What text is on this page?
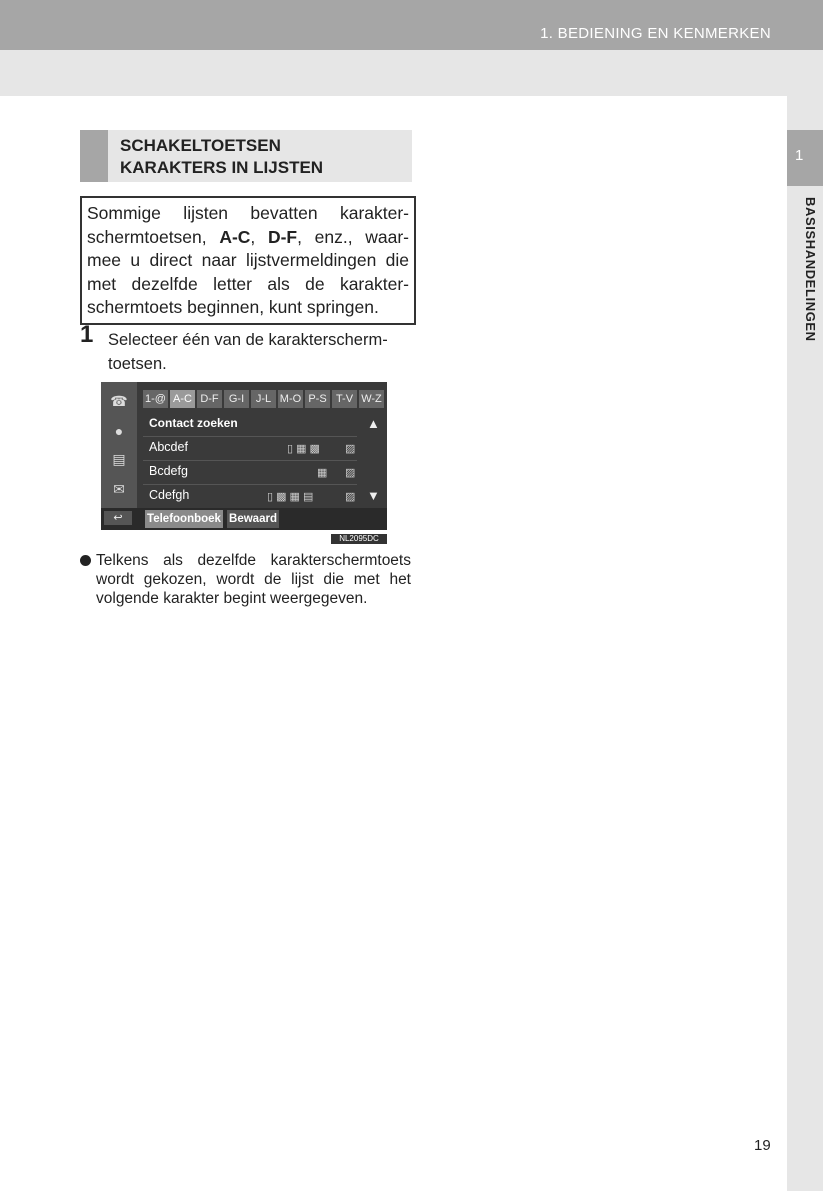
1. BEDIENING EN KENMERKEN
1
BASISHANDELINGEN
SCHAKELTOETSEN
KARAKTERS IN LIJSTEN
Sommige lijsten bevatten karakter-schermtoetsen, A-C, D-F, enz., waar-mee u direct naar lijstvermeldingen die met dezelfde letter als de karakter-schermtoets beginnen, kunt springen.
1 Selecteer één van de karakterscherm-toetsen.
☎
●
▤
✉
1-@ A-C D-F G-I	J-L M-O P-S T-V W-Z
Contact zoeken	▲
Abcdef	▯ ▦ ▩ ▨
Bcdefg	▦ ▨
Cdefgh	▯ ▩ ▦ ▤	▨ ▼
↩	Telefoonboek Bewaard
NL2095DC
Telkens als dezelfde karakterschermtoets wordt gekozen, wordt de lijst die met het volgende karakter begint weergegeven.
19
